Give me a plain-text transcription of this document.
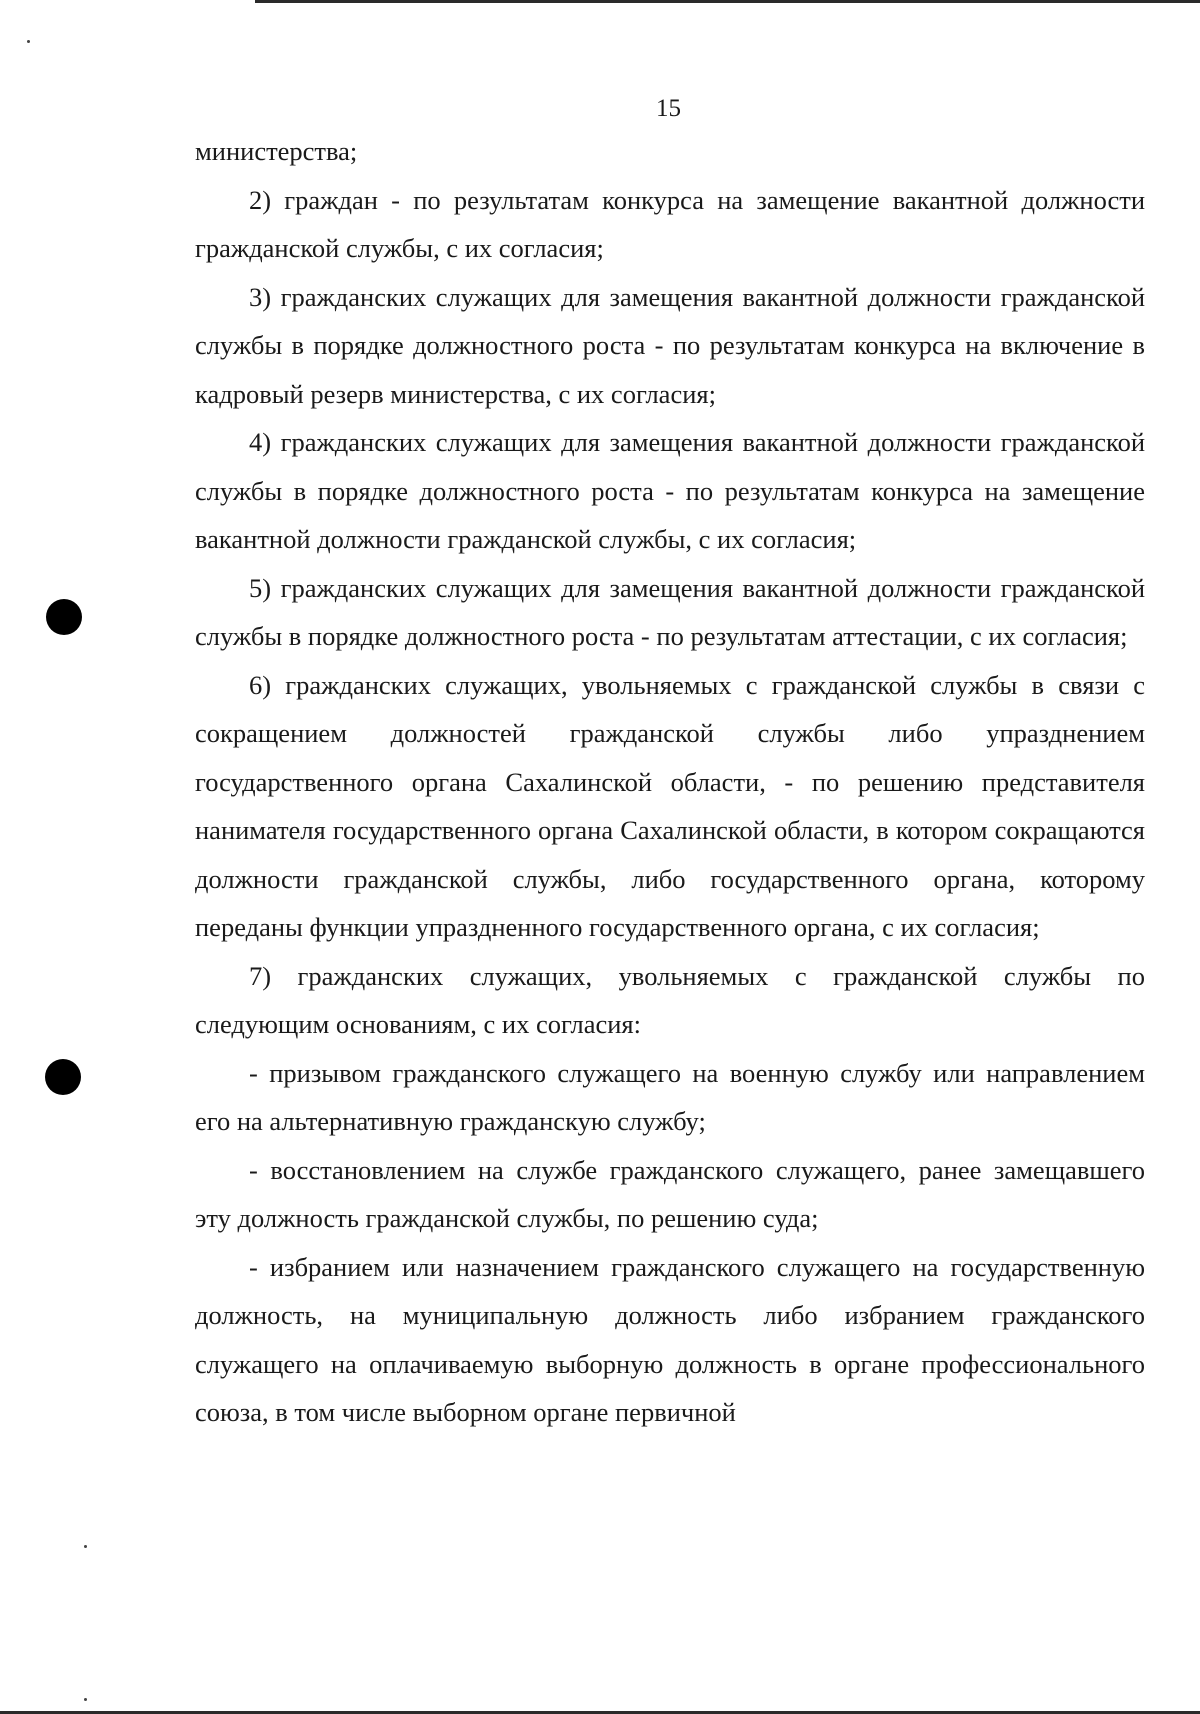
15

министерства;

2) граждан - по результатам конкурса на замещение вакантной должности гражданской службы, с их согласия;

3) гражданских служащих для замещения вакантной должности гражданской службы в порядке должностного роста - по результатам конкурса на включение в кадровый резерв министерства, с их согласия;

4) гражданских служащих для замещения вакантной должности гражданской службы в порядке должностного роста - по результатам конкурса на замещение вакантной должности гражданской службы, с их согласия;

5) гражданских служащих для замещения вакантной должности гражданской службы в порядке должностного роста - по результатам аттестации, с их согласия;

6) гражданских служащих, увольняемых с гражданской службы в связи с сокращением должностей гражданской службы либо упразднением государственного органа Сахалинской области, - по решению представителя нанимателя государственного органа Сахалинской области, в котором сокращаются должности гражданской службы, либо государственного органа, которому переданы функции упраздненного государственного органа, с их согласия;

7) гражданских служащих, увольняемых с гражданской службы по следующим основаниям, с их согласия:

- призывом гражданского служащего на военную службу или направлением его на альтернативную гражданскую службу;

- восстановлением на службе гражданского служащего, ранее замещавшего эту должность гражданской службы, по решению суда;

- избранием или назначением гражданского служащего на государственную должность, на муниципальную должность либо избранием гражданского служащего на оплачиваемую выборную должность в органе профессионального союза, в том числе выборном органе первичной
